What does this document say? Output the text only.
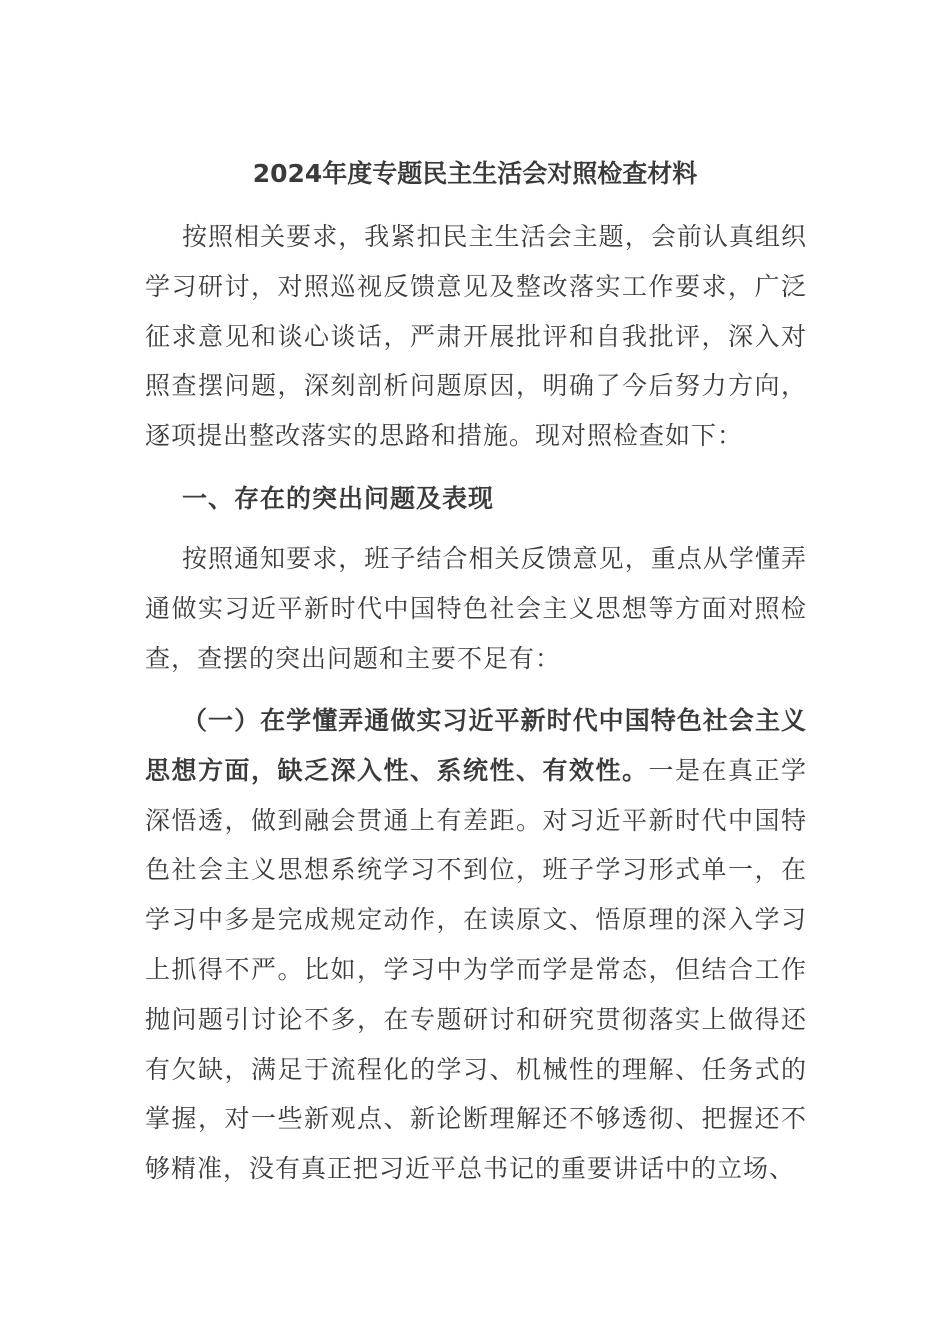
2024年度专题民主生活会对照检查材料
按照相关要求，我紧扣民主生活会主题，会前认真组织学习研讨，对照巡视反馈意见及整改落实工作要求，广泛征求意见和谈心谈话，严肃开展批评和自我批评，深入对照查摆问题，深刻剖析问题原因，明确了今后努力方向，逐项提出整改落实的思路和措施。现对照检查如下：
一、存在的突出问题及表现
按照通知要求，班子结合相关反馈意见，重点从学懂弄通做实习近平新时代中国特色社会主义思想等方面对照检查，查摆的突出问题和主要不足有：
（一）在学懂弄通做实习近平新时代中国特色社会主义思想方面，缺乏深入性、系统性、有效性。一是在真正学深悟透，做到融会贯通上有差距。对习近平新时代中国特色社会主义思想系统学习不到位，班子学习形式单一，在学习中多是完成规定动作，在读原文、悟原理的深入学习上抓得不严。比如，学习中为学而学是常态，但结合工作抛问题引讨论不多，在专题研讨和研究贯彻落实上做得还有欠缺，满足于流程化的学习、机械性的理解、任务式的掌握，对一些新观点、新论断理解还不够透彻、把握还不够精准，没有真正把习近平总书记的重要讲话中的立场、
